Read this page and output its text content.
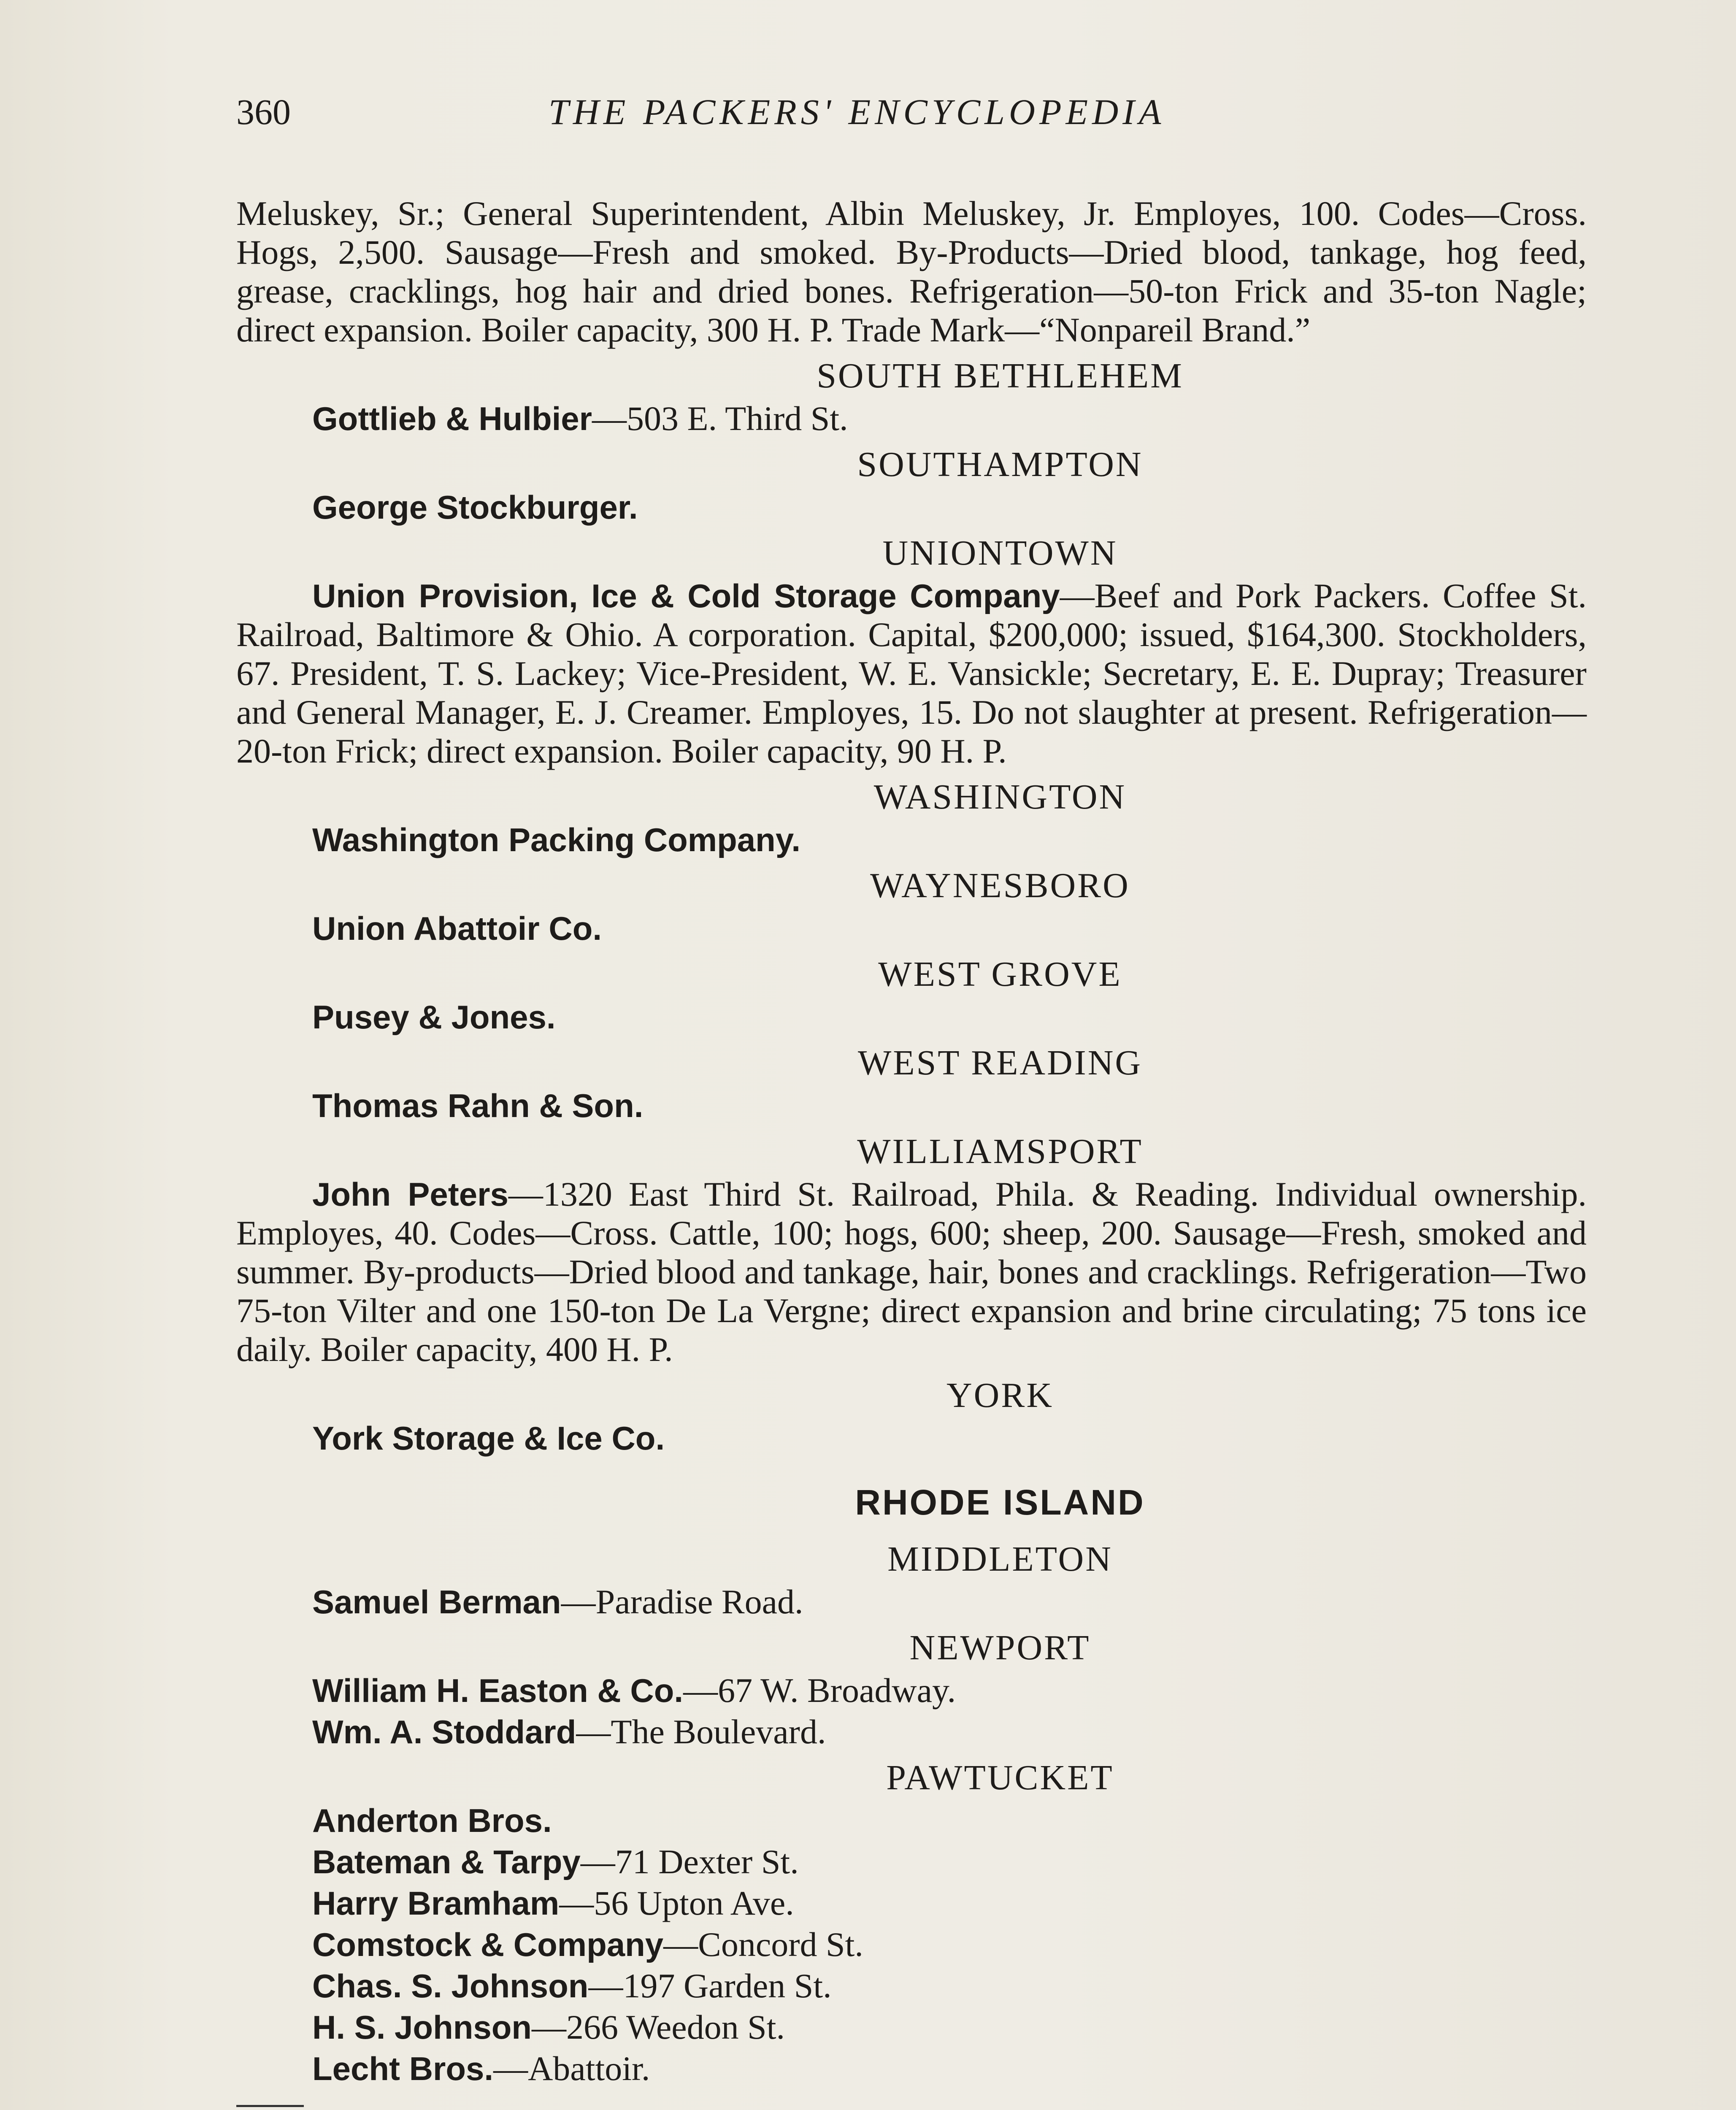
360	THE PACKERS' ENCYCLOPEDIA

Meluskey, Sr.; General Superintendent, Albin Meluskey, Jr. Employes, 100. Codes—Cross. Hogs, 2,500. Sausage—Fresh and smoked. By-Products—Dried blood, tankage, hog feed, grease, cracklings, hog hair and dried bones. Refrigeration—50-ton Frick and 35-ton Nagle; direct expansion. Boiler capacity, 300 H. P. Trade Mark—“Nonpareil Brand.”

SOUTH BETHLEHEM

Gottlieb & Hulbier—503 E. Third St.

SOUTHAMPTON

George Stockburger.

UNIONTOWN

Union Provision, Ice & Cold Storage Company—Beef and Pork Packers. Coffee St. Railroad, Baltimore & Ohio. A corporation. Capital, $200,000; issued, $164,300. Stockholders, 67. President, T. S. Lackey; Vice-President, W. E. Vansickle; Secretary, E. E. Dupray; Treasurer and General Manager, E. J. Creamer. Employes, 15. Do not slaughter at present. Refrigeration—20-ton Frick; direct expansion. Boiler capacity, 90 H. P.

WASHINGTON

Washington Packing Company.

WAYNESBORO

Union Abattoir Co.

WEST GROVE

Pusey & Jones.

WEST READING

Thomas Rahn & Son.

WILLIAMSPORT

John Peters—1320 East Third St. Railroad, Phila. & Reading. Individual ownership. Employes, 40. Codes—Cross. Cattle, 100; hogs, 600; sheep, 200. Sausage—Fresh, smoked and summer. By-products—Dried blood and tankage, hair, bones and cracklings. Refrigeration—Two 75-ton Vilter and one 150-ton De La Vergne; direct expansion and brine circulating; 75 tons ice daily. Boiler capacity, 400 H. P.

YORK

York Storage & Ice Co.

RHODE ISLAND
MIDDLETON

Samuel Berman—Paradise Road.

NEWPORT

William H. Easton & Co.—67 W. Broadway.

Wm. A. Stoddard—The Boulevard.

PAWTUCKET

Anderton Bros.

Bateman & Tarpy—71 Dexter St.

Harry Bramham—56 Upton Ave.

Comstock & Company—Concord St.

Chas. S. Johnson—197 Garden St.

H. S. Johnson—266 Weedon St.

Lecht Bros.—Abattoir.
